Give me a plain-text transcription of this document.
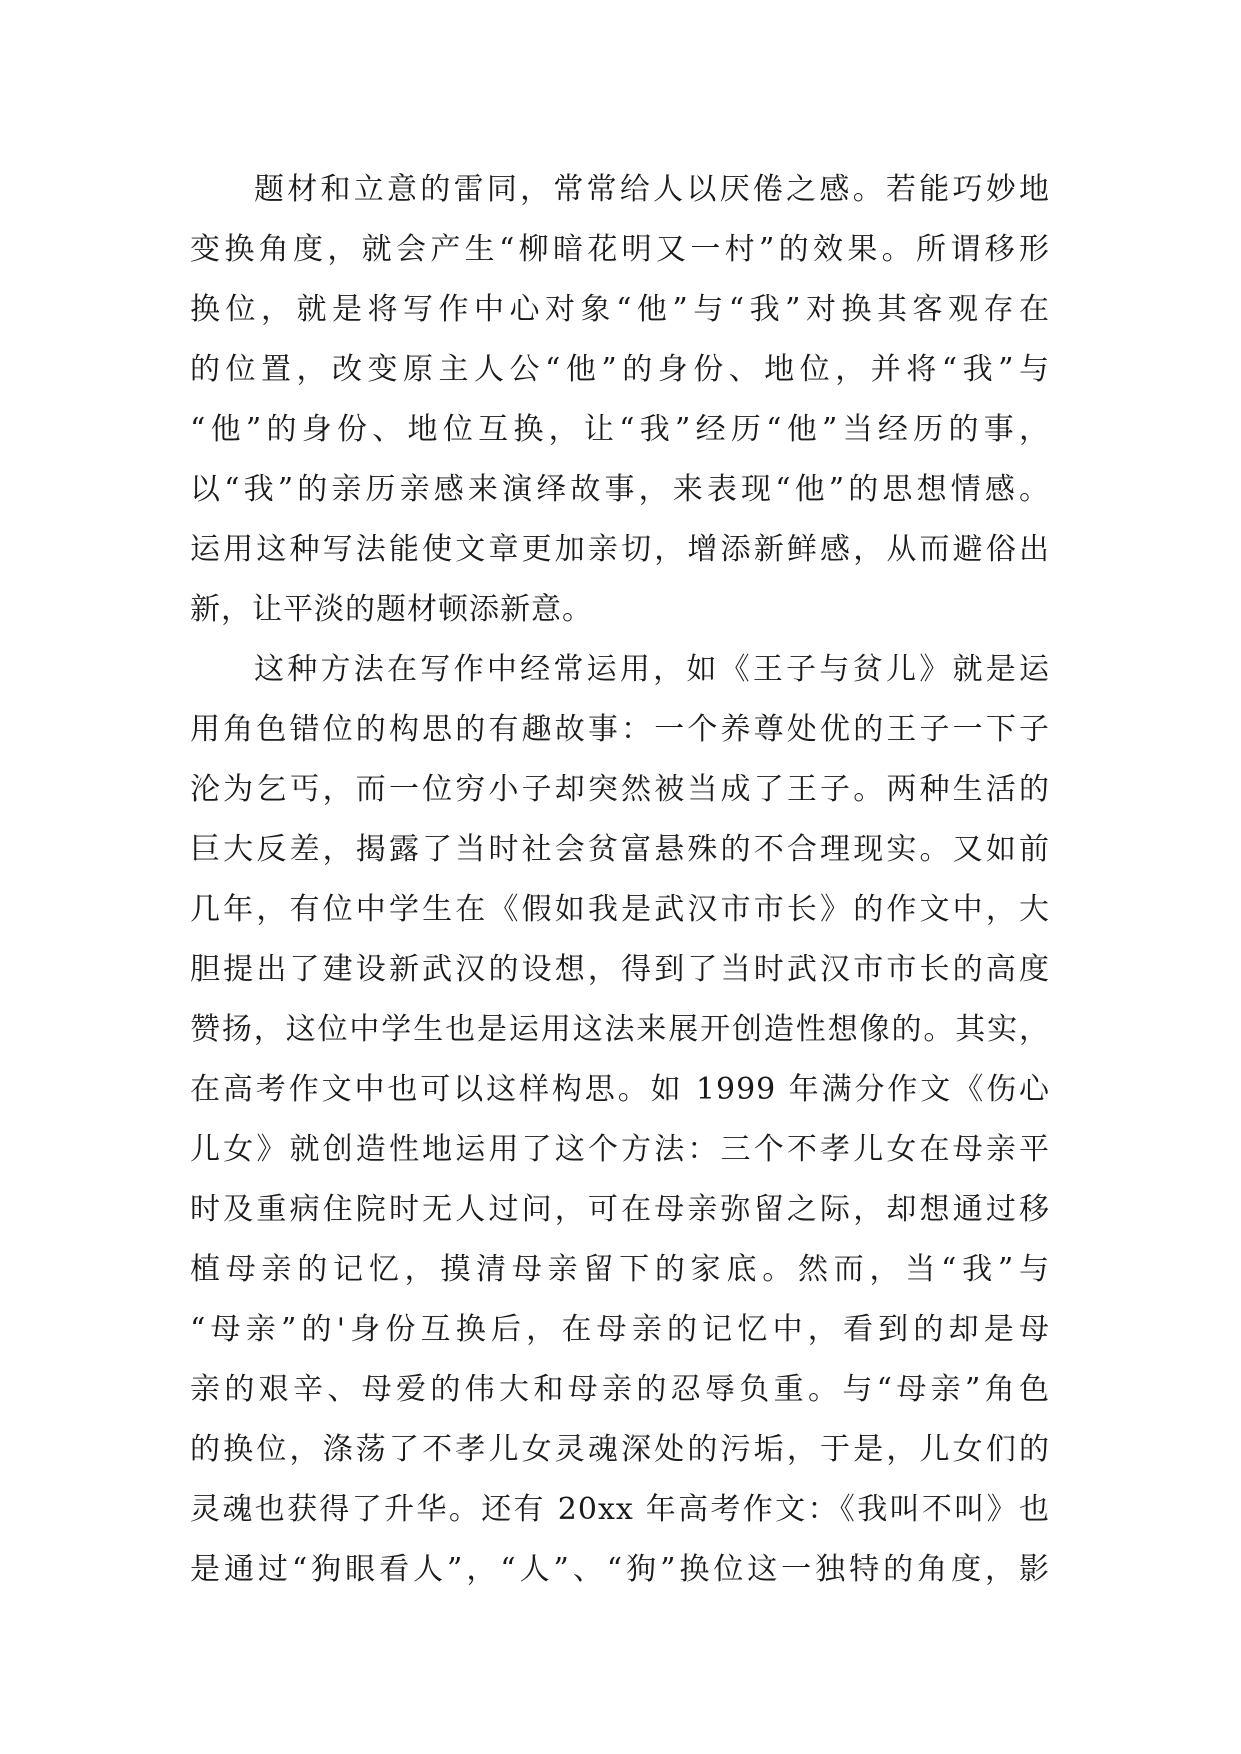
题材和立意的雷同，常常给人以厌倦之感。若能巧妙地
变换角度，就会产生“柳暗花明又一村”的效果。所谓移形
换位，就是将写作中心对象“他”与“我”对换其客观存在
的位置，改变原主人公“他”的身份、地位，并将“我”与
“他”的身份、地位互换，让“我”经历“他”当经历的事，
以“我”的亲历亲感来演绎故事，来表现“他”的思想情感。
运用这种写法能使文章更加亲切，增添新鲜感，从而避俗出
新，让平淡的题材顿添新意。
这种方法在写作中经常运用，如《王子与贫儿》就是运
用角色错位的构思的有趣故事：一个养尊处优的王子一下子
沦为乞丐，而一位穷小子却突然被当成了王子。两种生活的
巨大反差，揭露了当时社会贫富悬殊的不合理现实。又如前
几年，有位中学生在《假如我是武汉市市长》的作文中，大
胆提出了建设新武汉的设想，得到了当时武汉市市长的高度
赞扬，这位中学生也是运用这法来展开创造性想像的。其实，
在高考作文中也可以这样构思。如 1999 年满分作文《伤心
儿女》就创造性地运用了这个方法：三个不孝儿女在母亲平
时及重病住院时无人过问，可在母亲弥留之际，却想通过移
植母亲的记忆，摸清母亲留下的家底。然而，当“我”与
“母亲”的'身份互换后，在母亲的记忆中，看到的却是母
亲的艰辛、母爱的伟大和母亲的忍辱负重。与“母亲”角色
的换位，涤荡了不孝儿女灵魂深处的污垢，于是，儿女们的
灵魂也获得了升华。还有 20xx 年高考作文：《我叫不叫》也
是通过“狗眼看人”，“人”、“狗”换位这一独特的角度，影
